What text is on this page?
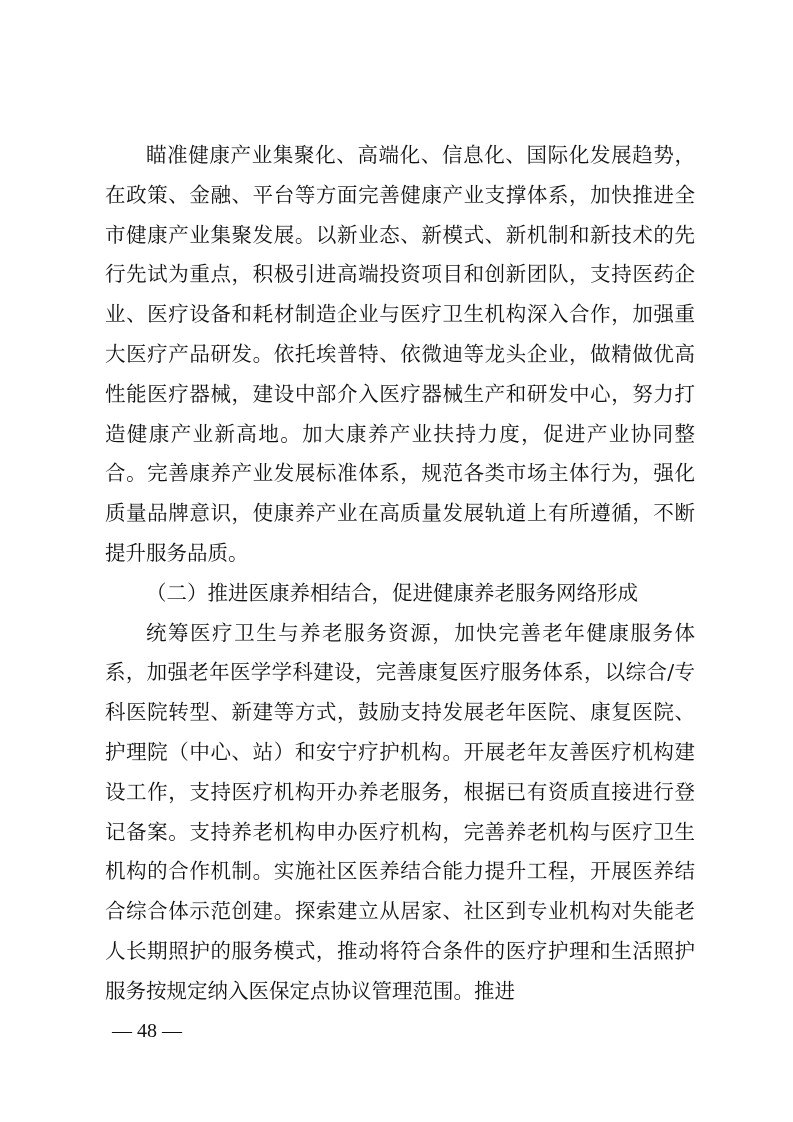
瞄准健康产业集聚化、高端化、信息化、国际化发展趋势，在政策、金融、平台等方面完善健康产业支撑体系，加快推进全市健康产业集聚发展。以新业态、新模式、新机制和新技术的先行先试为重点，积极引进高端投资项目和创新团队，支持医药企业、医疗设备和耗材制造企业与医疗卫生机构深入合作，加强重大医疗产品研发。依托埃普特、依微迪等龙头企业，做精做优高性能医疗器械，建设中部介入医疗器械生产和研发中心，努力打造健康产业新高地。加大康养产业扶持力度，促进产业协同整合。完善康养产业发展标准体系，规范各类市场主体行为，强化质量品牌意识，使康养产业在高质量发展轨道上有所遵循，不断提升服务品质。

（二）推进医康养相结合，促进健康养老服务网络形成

统筹医疗卫生与养老服务资源，加快完善老年健康服务体系，加强老年医学学科建设，完善康复医疗服务体系，以综合/专科医院转型、新建等方式，鼓励支持发展老年医院、康复医院、护理院（中心、站）和安宁疗护机构。开展老年友善医疗机构建设工作，支持医疗机构开办养老服务，根据已有资质直接进行登记备案。支持养老机构申办医疗机构，完善养老机构与医疗卫生机构的合作机制。实施社区医养结合能力提升工程，开展医养结合综合体示范创建。探索建立从居家、社区到专业机构对失能老人长期照护的服务模式，推动将符合条件的医疗护理和生活照护服务按规定纳入医保定点协议管理范围。推进

— 48 —
